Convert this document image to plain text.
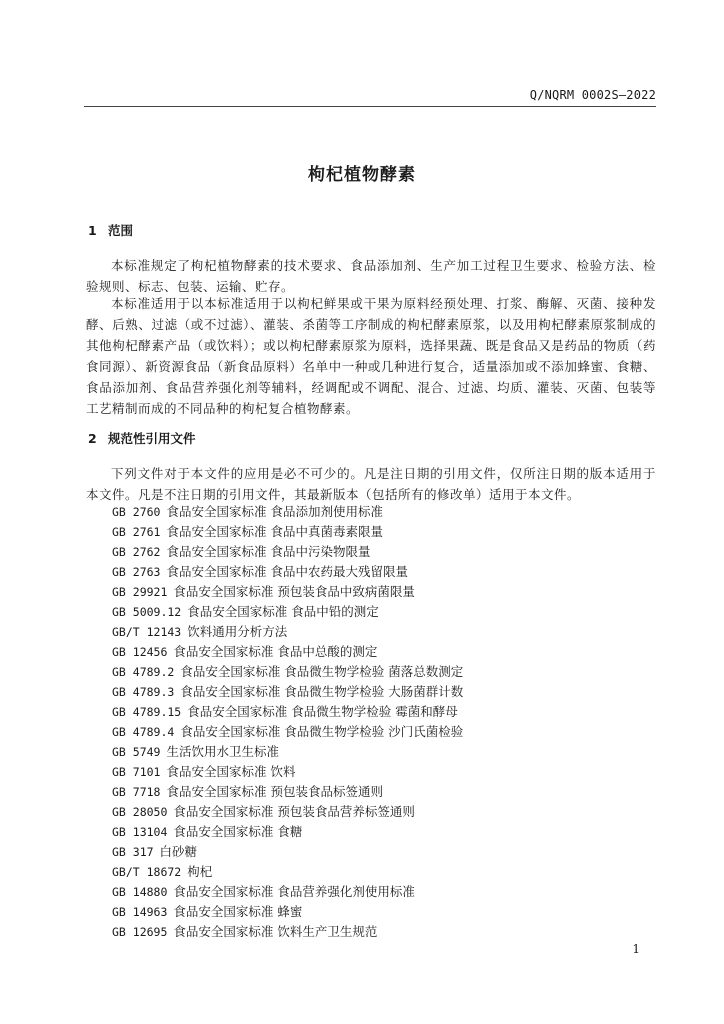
Q/NQRM 0002S—2022
枸杞植物酵素
1 范围

本标准规定了枸杞植物酵素的技术要求、食品添加剂、生产加工过程卫生要求、检验方法、检验规则、标志、包装、运输、贮存。

本标准适用于以本标准适用于以枸杞鲜果或干果为原料经预处理、打浆、酶解、灭菌、接种发酵、后熟、过滤（或不过滤）、灌装、杀菌等工序制成的枸杞酵素原浆，以及用枸杞酵素原浆制成的其他枸杞酵素产品（或饮料）；或以枸杞酵素原浆为原料，选择果蔬、既是食品又是药品的物质（药食同源）、新资源食品（新食品原料）名单中一种或几种进行复合，适量添加或不添加蜂蜜、食糖、食品添加剂、食品营养强化剂等辅料，经调配或不调配、混合、过滤、均质、灌装、灭菌、包装等工艺精制而成的不同品种的枸杞复合植物酵素。

2 规范性引用文件

下列文件对于本文件的应用是必不可少的。凡是注日期的引用文件，仅所注日期的版本适用于本文件。凡是不注日期的引用文件，其最新版本（包括所有的修改单）适用于本文件。

GB 2760 食品安全国家标准 食品添加剂使用标准
GB 2761 食品安全国家标准 食品中真菌毒素限量
GB 2762 食品安全国家标准 食品中污染物限量
GB 2763 食品安全国家标准 食品中农药最大残留限量
GB 29921 食品安全国家标准 预包装食品中致病菌限量
GB 5009.12 食品安全国家标准 食品中铅的测定
GB/T 12143 饮料通用分析方法
GB 12456 食品安全国家标准 食品中总酸的测定
GB 4789.2 食品安全国家标准 食品微生物学检验 菌落总数测定
GB 4789.3 食品安全国家标准 食品微生物学检验 大肠菌群计数
GB 4789.15 食品安全国家标准 食品微生物学检验 霉菌和酵母
GB 4789.4 食品安全国家标准 食品微生物学检验 沙门氏菌检验
GB 5749 生活饮用水卫生标准
GB 7101 食品安全国家标准 饮料
GB 7718 食品安全国家标准 预包装食品标签通则
GB 28050 食品安全国家标准 预包装食品营养标签通则
GB 13104 食品安全国家标准 食糖
GB 317 白砂糖
GB/T 18672 枸杞
GB 14880 食品安全国家标准 食品营养强化剂使用标准
GB 14963 食品安全国家标准 蜂蜜
GB 12695 食品安全国家标准 饮料生产卫生规范
1
